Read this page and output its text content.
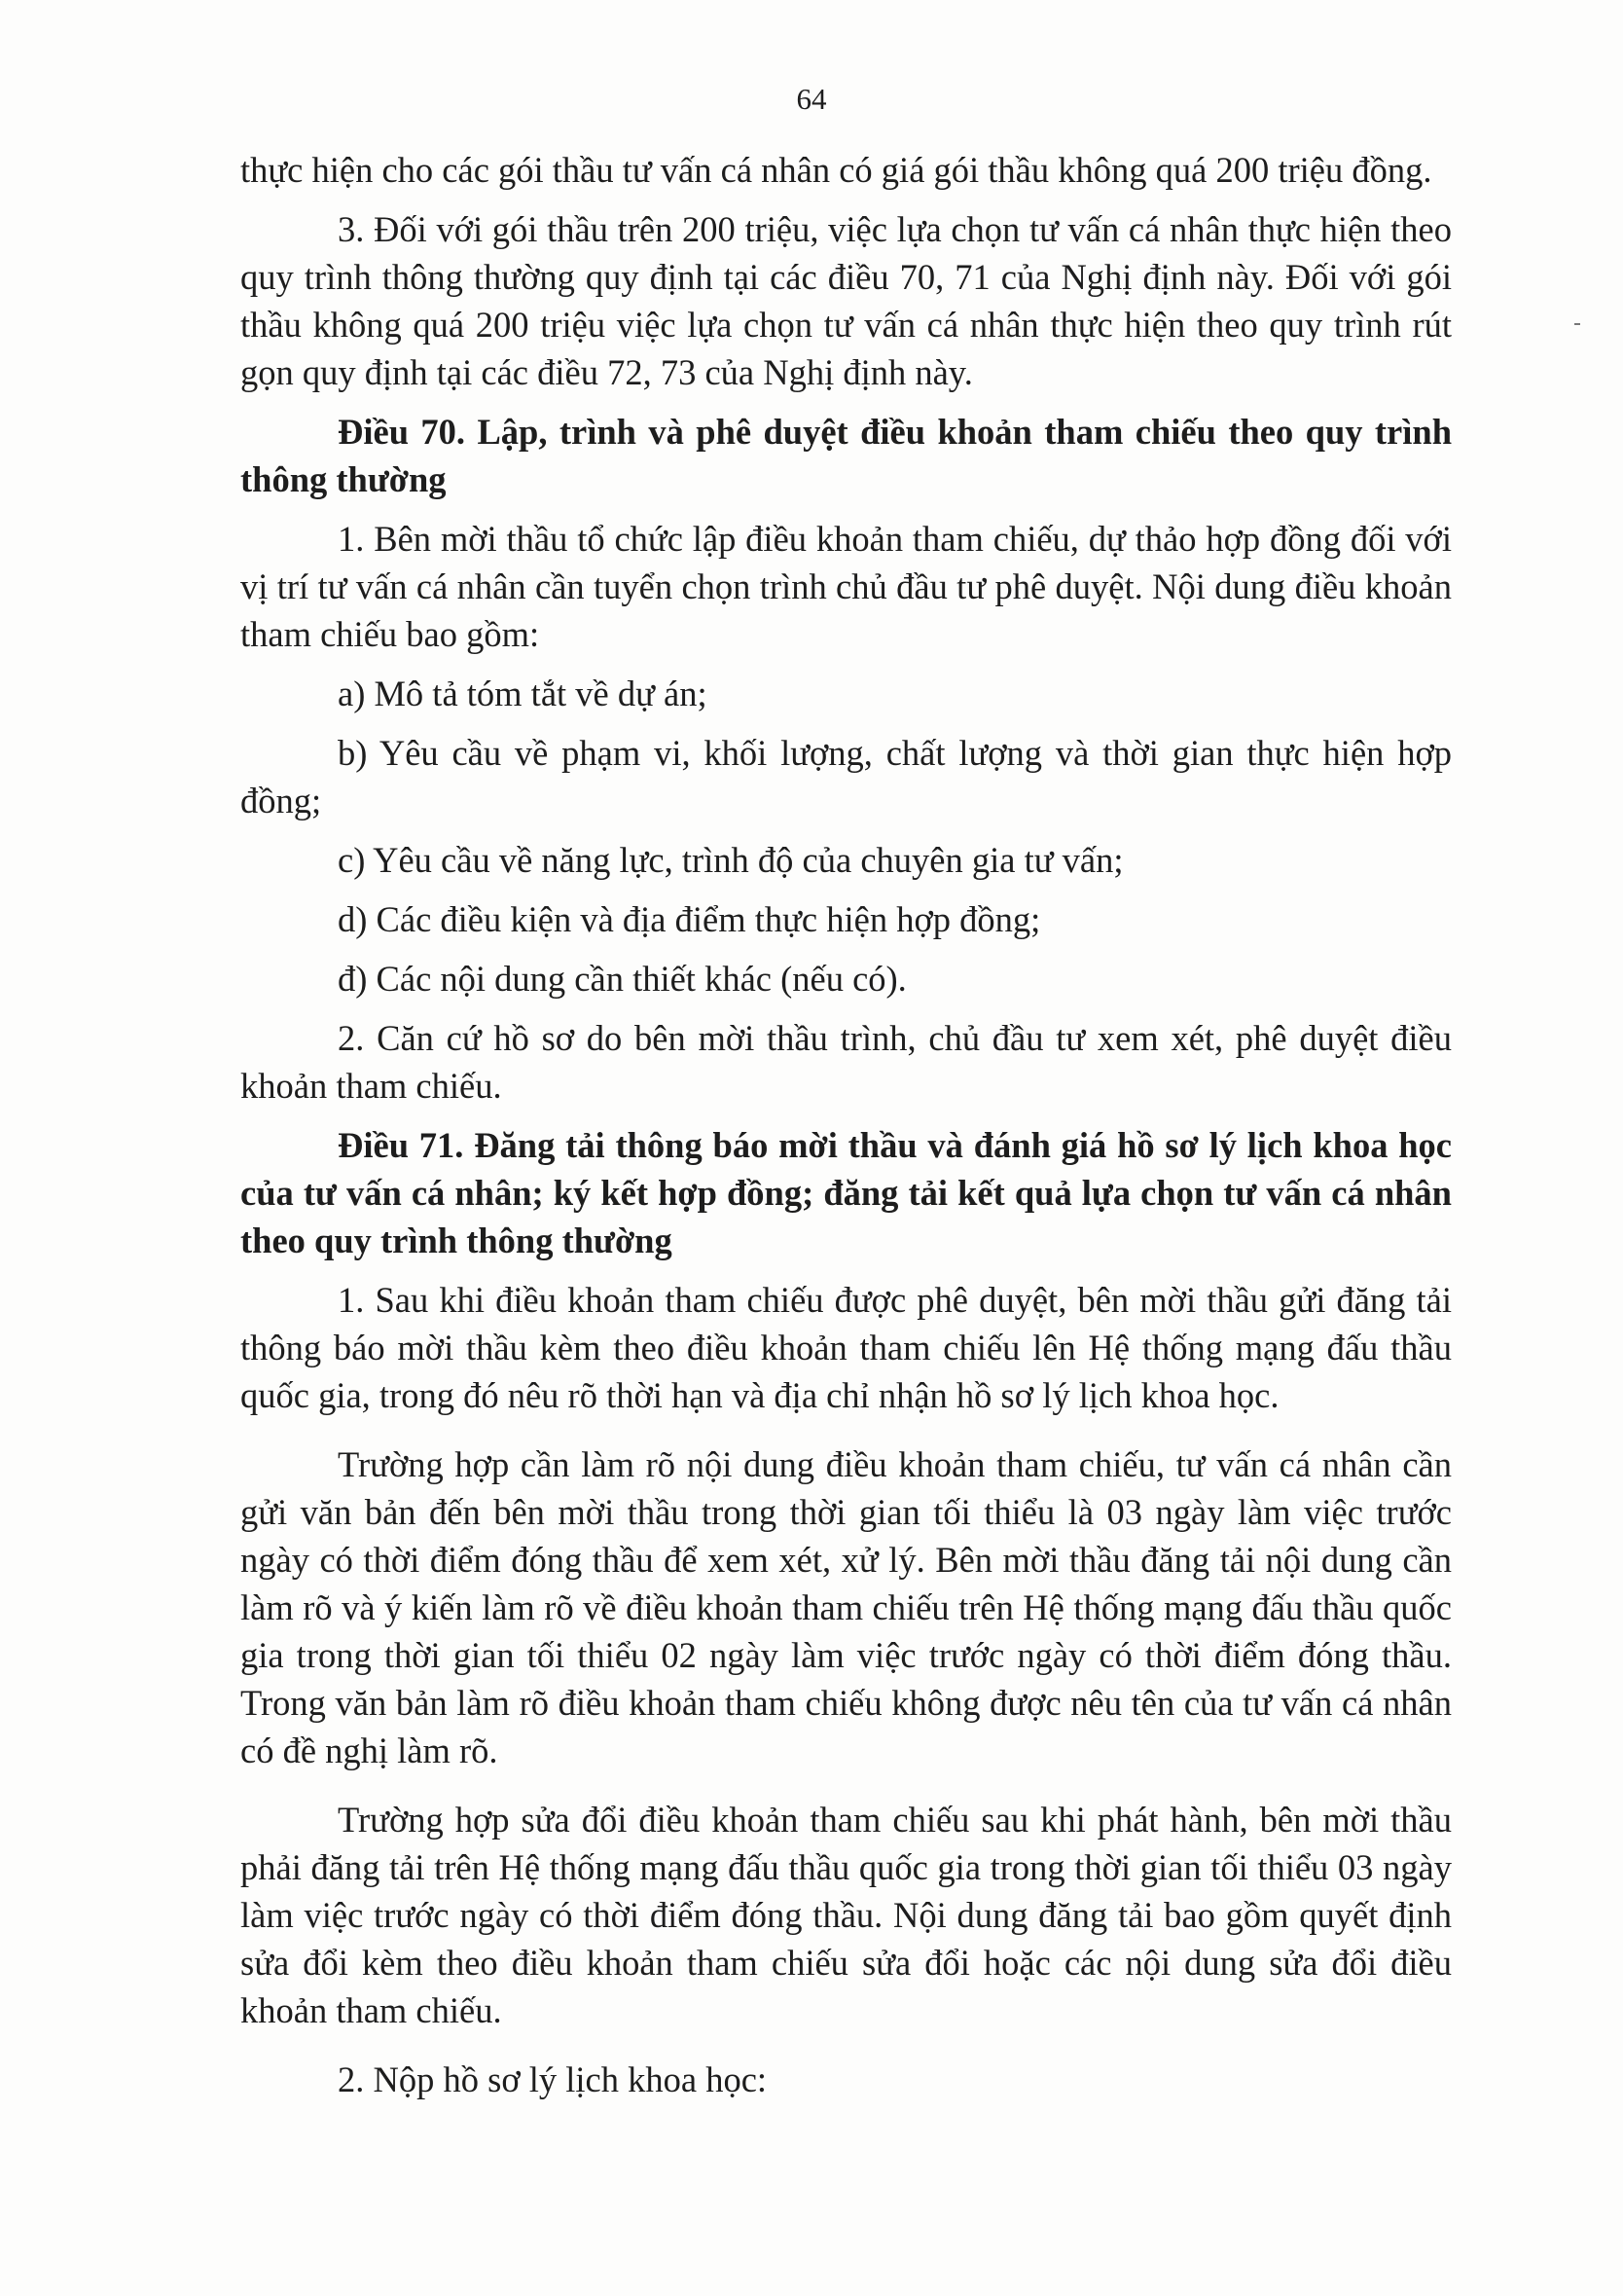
64

thực hiện cho các gói thầu tư vấn cá nhân có giá gói thầu không quá 200 triệu đồng.

3. Đối với gói thầu trên 200 triệu, việc lựa chọn tư vấn cá nhân thực hiện theo quy trình thông thường quy định tại các điều 70, 71 của Nghị định này. Đối với gói thầu không quá 200 triệu việc lựa chọn tư vấn cá nhân thực hiện theo quy trình rút gọn quy định tại các điều 72, 73 của Nghị định này.

Điều 70. Lập, trình và phê duyệt điều khoản tham chiếu theo quy trình thông thường

1. Bên mời thầu tổ chức lập điều khoản tham chiếu, dự thảo hợp đồng đối với vị trí tư vấn cá nhân cần tuyển chọn trình chủ đầu tư phê duyệt. Nội dung điều khoản tham chiếu bao gồm:

a) Mô tả tóm tắt về dự án;

b) Yêu cầu về phạm vi, khối lượng, chất lượng và thời gian thực hiện hợp đồng;

c) Yêu cầu về năng lực, trình độ của chuyên gia tư vấn;

d) Các điều kiện và địa điểm thực hiện hợp đồng;

đ) Các nội dung cần thiết khác (nếu có).

2. Căn cứ hồ sơ do bên mời thầu trình, chủ đầu tư xem xét, phê duyệt điều khoản tham chiếu.

Điều 71. Đăng tải thông báo mời thầu và đánh giá hồ sơ lý lịch khoa học của tư vấn cá nhân; ký kết hợp đồng; đăng tải kết quả lựa chọn tư vấn cá nhân theo quy trình thông thường

1. Sau khi điều khoản tham chiếu được phê duyệt, bên mời thầu gửi đăng tải thông báo mời thầu kèm theo điều khoản tham chiếu lên Hệ thống mạng đấu thầu quốc gia, trong đó nêu rõ thời hạn và địa chỉ nhận hồ sơ lý lịch khoa học.

Trường hợp cần làm rõ nội dung điều khoản tham chiếu, tư vấn cá nhân cần gửi văn bản đến bên mời thầu trong thời gian tối thiểu là 03 ngày làm việc trước ngày có thời điểm đóng thầu để xem xét, xử lý. Bên mời thầu đăng tải nội dung cần làm rõ và ý kiến làm rõ về điều khoản tham chiếu trên Hệ thống mạng đấu thầu quốc gia trong thời gian tối thiểu 02 ngày làm việc trước ngày có thời điểm đóng thầu. Trong văn bản làm rõ điều khoản tham chiếu không được nêu tên của tư vấn cá nhân có đề nghị làm rõ.

Trường hợp sửa đổi điều khoản tham chiếu sau khi phát hành, bên mời thầu phải đăng tải trên Hệ thống mạng đấu thầu quốc gia trong thời gian tối thiểu 03 ngày làm việc trước ngày có thời điểm đóng thầu. Nội dung đăng tải bao gồm quyết định sửa đổi kèm theo điều khoản tham chiếu sửa đổi hoặc các nội dung sửa đổi điều khoản tham chiếu.

2. Nộp hồ sơ lý lịch khoa học:
